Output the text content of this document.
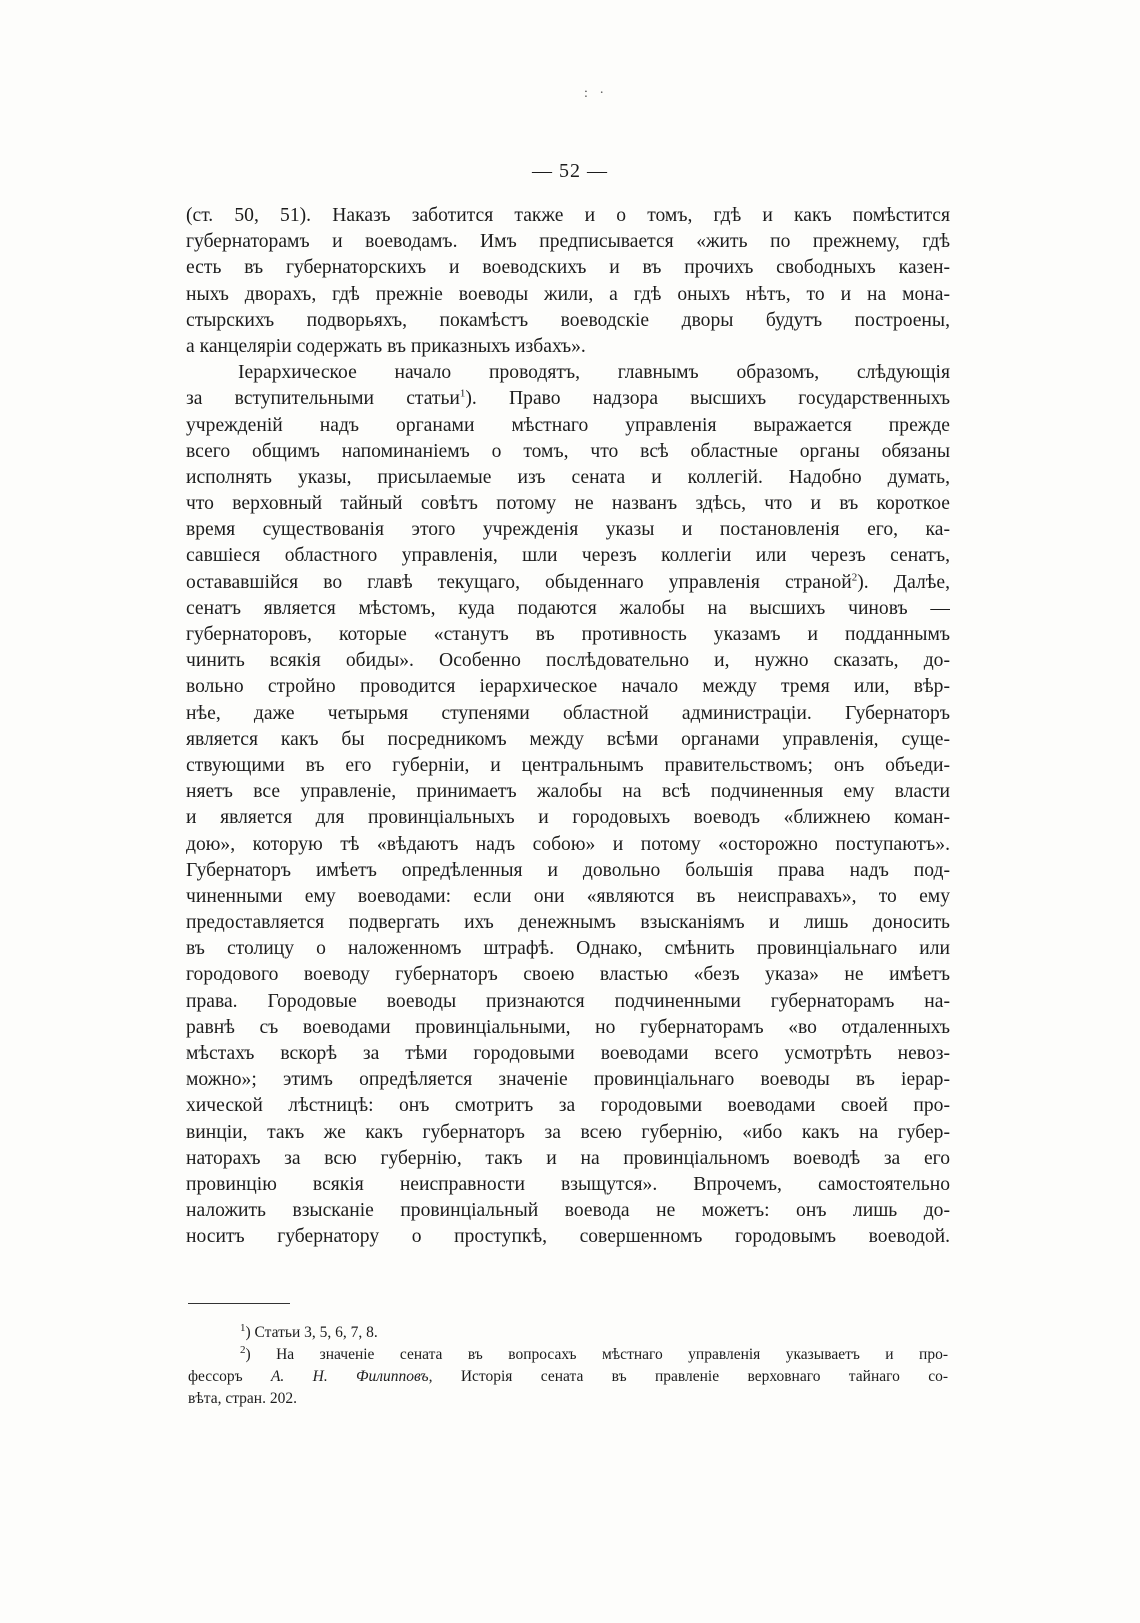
: ·
— 52 —
(ст. 50, 51). Наказъ заботится также и о томъ, гдѣ и какъ помѣстится
губернаторамъ и воеводамъ. Имъ предписывается «жить по прежнему, гдѣ
есть въ губернаторскихъ и воеводскихъ и въ прочихъ свободныхъ казен-
ныхъ дворахъ, гдѣ прежніе воеводы жили, а гдѣ оныхъ нѣтъ, то и на мона-
стырскихъ подворьяхъ, покамѣстъ воеводскіе дворы будутъ построены,
а канцеляріи содержать въ приказныхъ избахъ».
Іерархическое начало проводятъ, главнымъ образомъ, слѣдующія
за вступительными статьи$^1$). Право надзора высшихъ государственныхъ
учрежденій надъ органами мѣстнаго управленія выражается прежде
всего общимъ напоминаніемъ о томъ, что всѣ областные органы обязаны
исполнять указы, присылаемые изъ сената и коллегій. Надобно думать,
что верховный тайный совѣтъ потому не названъ здѣсь, что и въ короткое
время существованія этого учрежденія указы и постановленія его, ка-
савшіеся областного управленія, шли черезъ коллегіи или черезъ сенатъ,
остававшійся во главѣ текущаго, обыденнаго управленія страной$^2$). Далѣе,
сенатъ является мѣстомъ, куда подаются жалобы на высшихъ чиновъ —
губернаторовъ, которые «станутъ въ противность указамъ и подданнымъ
чинить всякія обиды». Особенно послѣдовательно и, нужно сказать, до-
вольно стройно проводится іерархическое начало между тремя или, вѣр-
нѣе, даже четырьмя ступенями областной администраціи. Губернаторъ
является какъ бы посредникомъ между всѣми органами управленія, суще-
ствующими въ его губерніи, и центральнымъ правительствомъ; онъ объеди-
няетъ все управленіе, принимаетъ жалобы на всѣ подчиненныя ему власти
и является для провинціальныхъ и городовыхъ воеводъ «ближнею коман-
дою», которую тѣ «вѣдаютъ надъ собою» и потому «осторожно поступаютъ».
Губернаторъ имѣетъ опредѣленныя и довольно большія права надъ под-
чиненными ему воеводами: если они «являются въ неисправахъ», то ему
предоставляется подвергать ихъ денежнымъ взысканіямъ и лишь доносить
въ столицу о наложенномъ штрафѣ. Однако, смѣнить провинціальнаго или
городового воеводу губернаторъ своею властью «безъ указа» не имѣетъ
права. Городовые воеводы признаются подчиненными губернаторамъ на-
равнѣ съ воеводами провинціальными, но губернаторамъ «во отдаленныхъ
мѣстахъ вскорѣ за тѣми городовыми воеводами всего усмотрѣть невоз-
можно»; этимъ опредѣляется значеніе провинціальнаго воеводы въ іерар-
хической лѣстницѣ: онъ смотритъ за городовыми воеводами своей про-
винціи, такъ же какъ губернаторъ за всею губернію, «ибо какъ на губер-
наторахъ за всю губернію, такъ и на провинціальномъ воеводѣ за его
провинцію всякія неисправности взыщутся». Впрочемъ, самостоятельно
наложить взысканіе провинціальный воевода не можетъ: онъ лишь до-
носитъ губернатору о проступкѣ, совершенномъ городовымъ воеводой.
$^1$) Статьи 3, 5, 6, 7, 8.
$^2$) На значеніе сената въ вопросахъ мѣстнаго управленія указываетъ и про-
фессоръ А. Н. Филипповъ, Исторія сената въ правленіе верховнаго тайнаго со-
вѣта, стран. 202.
